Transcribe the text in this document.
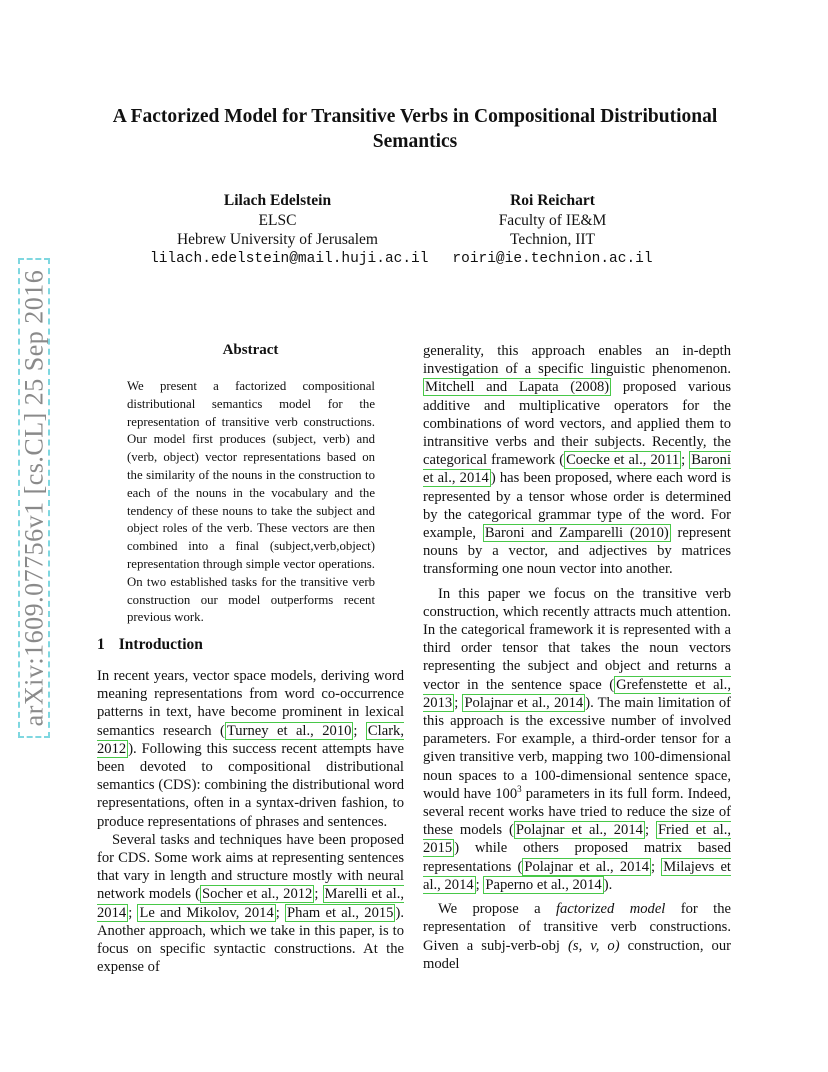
arXiv:1609.07756v1 [cs.CL] 25 Sep 2016
A Factorized Model for Transitive Verbs in Compositional Distributional Semantics
Lilach Edelstein
ELSC
Hebrew University of Jerusalem
lilach.edelstein@mail.huji.ac.il
Roi Reichart
Faculty of IE&M
Technion, IIT
roiri@ie.technion.ac.il
Abstract
We present a factorized compositional distributional semantics model for the representation of transitive verb constructions. Our model first produces (subject, verb) and (verb, object) vector representations based on the similarity of the nouns in the construction to each of the nouns in the vocabulary and the tendency of these nouns to take the subject and object roles of the verb. These vectors are then combined into a final (subject,verb,object) representation through simple vector operations. On two established tasks for the transitive verb construction our model outperforms recent previous work.
1 Introduction

In recent years, vector space models, deriving word meaning representations from word co-occurrence patterns in text, have become prominent in lexical semantics research ( Turney et al., 2010 ; Clark, 2012 ). Following this success recent attempts have been devoted to compositional distributional semantics (CDS): combining the distributional word representations, often in a syntax-driven fashion, to produce representations of phrases and sentences.

Several tasks and techniques have been proposed for CDS. Some work aims at representing sentences that vary in length and structure mostly with neural network models ( Socher et al., 2012 ; Marelli et al., 2014 ; Le and Mikolov, 2014 ; Pham et al., 2015 ). Another approach, which we take in this paper, is to focus on specific syntactic constructions. At the expense of

generality, this approach enables an in-depth investigation of a specific linguistic phenomenon. Mitchell and Lapata (2008) proposed various additive and multiplicative operators for the combinations of word vectors, and applied them to intransitive verbs and their subjects. Recently, the categorical framework ( Coecke et al., 2011 ; Baroni et al., 2014 ) has been proposed, where each word is represented by a tensor whose order is determined by the categorical grammar type of the word. For example, Baroni and Zamparelli (2010) represent nouns by a vector, and adjectives by matrices transforming one noun vector into another.

In this paper we focus on the transitive verb construction, which recently attracts much attention. In the categorical framework it is represented with a third order tensor that takes the noun vectors representing the subject and object and returns a vector in the sentence space ( Grefenstette et al., 2013 ; Polajnar et al., 2014 ). The main limitation of this approach is the excessive number of involved parameters. For example, a third-order tensor for a given transitive verb, mapping two 100-dimensional noun spaces to a 100-dimensional sentence space, would have $100^3$ parameters in its full form. Indeed, several recent works have tried to reduce the size of these models ( Polajnar et al., 2014 ; Fried et al., 2015 ) while others proposed matrix based representations ( Polajnar et al., 2014 ; Milajevs et al., 2014 ; Paperno et al., 2014 ).

We propose a factorized model for the representation of transitive verb constructions. Given a subj-verb-obj (s, v, o) construction, our model
